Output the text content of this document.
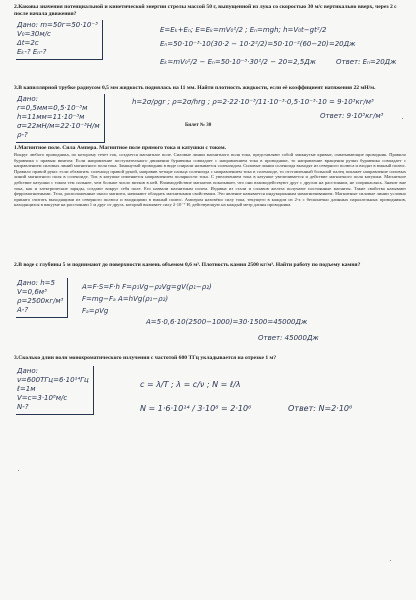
2.Каковы значения потенциальной и кинетической энергии стрелы массой 50 г, выпущенной из лука со скоростью 30 м/с вертикально вверх, через 2 с после начала движения?
Дано: m=50г=50·10⁻³
V₀=30м/с
Δt=2с
Eₖ-? Eₙ-?
E=Eₖ+Eₙ; E=Eₖ=mV₀²/2 ; Eₙ=mgh; h=V₀t−gt²/2
Eₙ=50·10⁻³·10(30·2 − 10·2²/2)=50·10⁻²(60−20)=20Дж
Eₖ=mV₀²/2 − Eₙ=50·10⁻³·30²/2 − 20=2,5Дж	Ответ: Eₙ=20Дж
3.В капиллярной трубке радиусом 0,5 мм жидкость поднялась на 11 мм. Найти плотность жидкости, если её коэффициент натяжения 22 мН/м.
Дано:
r=0,5мм=0,5·10⁻³м
h=11мм=11·10⁻³м
σ=22мН/м=22·10⁻³Н/м
ρ-?
h=2σ/ρgr ; ρ=2σ/hrg ; ρ=2·22·10⁻³/11·10⁻³·0,5·10⁻³·10 = 9·10³кг/м³
Ответ: 9·10³кг/м³
Билет № 30
1.Магнитное поле. Сила Ампера. Магнитное поле прямого тока и катушки с током.
Вокруг любого проводника, по которому течет ток, создается магнитное поле. Силовые линии магнитного поля тока, представляют собой замкнутые кривые, охватывающие проводник. Правило буравчика с правым винтом: Если направление поступательного движения буравчика совпадает с направлением тока в проводнике, то направление вращения ручки буравчика совпадает с направлением силовых линий магнитного поля тока. Замкнутый проводник в виде спирали называется соленоидом. Силовые линии соленоида выходят из северного полюса и входят в южный полюс. Правило правой руки: если обхватить соленоид правой рукой, направив четыре пальца соленоида с направлением тока в соленоиде, то отставленный большой палец покажет направление силовых линий магнитного поля в соленоиде. Ток в катушке изменяется направлением полярности тока. С увеличением тока в катушке увеличивается и действие магнитного поля катушки. Магнитное действие катушки с током тем сильнее, чем больше число витков в ней. Взаимодействие магнитов показывает, что они взаимодействуют друг с другом на расстоянии, не соприкасаясь. Значит вне тока, как и электрические заряды, создают вокруг себя поле. Его назвали магнитным полем. Издавна из стали и сплавов железа получают постоянные магниты. Такие свойства называют ферромагнитными. Тела, расположенные около магнита, начинают обладать магнитными свойствами. Это явление называется индукционным намагничиванием. Магнитные силовые линии условно принято считать выходящими из северного полюса и входящими в южный полюс. Ампером назовёмо силу тока, текущего в каждом из 2-х с бесконечно длинных параллельных проводников, находящихся в вакууме на расстоянии 1 м друг от друга, который вызывает силу 2·10⁻⁷ Н, действующую на каждый метр длины проводника.
2.В воде с глубины 5 м поднимают до поверхности камень объемом 0,6 м³. Плотность камня 2500 кг/м³. Найти работу по подъему камня?
Дано: h=5
V=0,6м³
ρ=2500кг/м³
A-?
A=F·S=F·h F=ρ₁Vg−ρ₂Vg=gV(ρ₁−ρ₂)
F=mg−Fₐ A=hVg(ρ₁−ρ₂)
Fₐ=ρVg
A=5·0,6·10(2500−1000)=30·1500=45000Дж
Ответ: 45000Дж
3.Сколько длин волн монохроматического излучения с частотой 600 ТГц укладывается на отрезке 1 м?
Дано:
ν=600ТГц=6·10¹⁴Гц
ℓ=1м
V=c=3·10⁸м/с
N-?
c = λ/T ; λ = c/ν ; N = ℓ/λ
N = 1·6·10¹⁴ / 3·10⁸ = 2·10⁶	Ответ: N=2·10⁶
